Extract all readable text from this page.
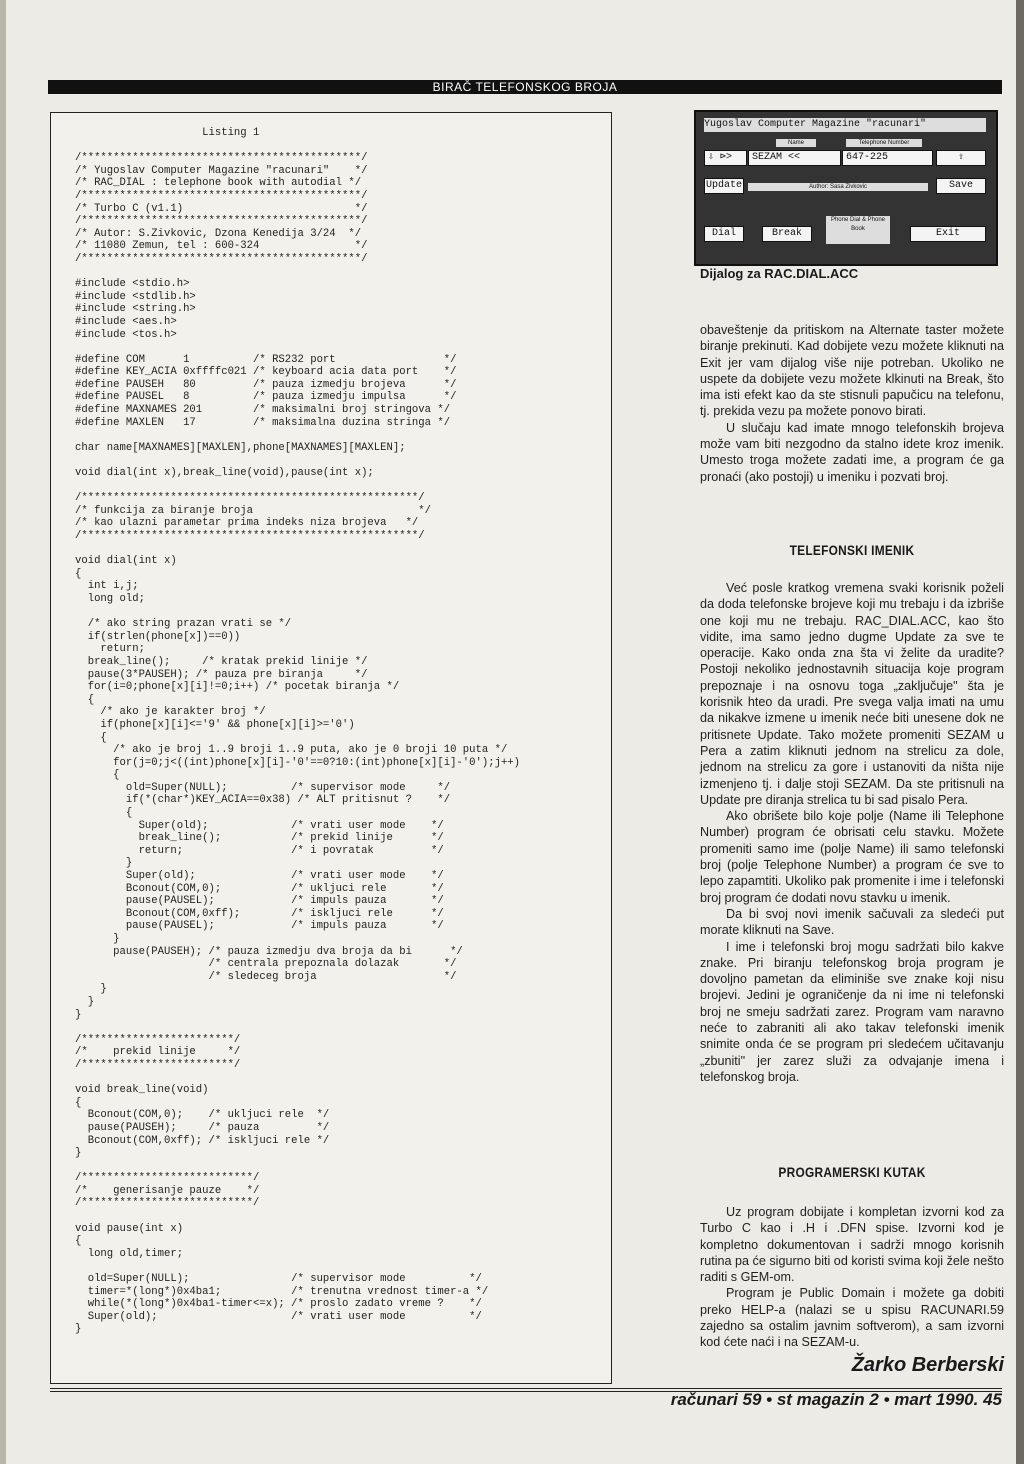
BIRAČ TELEFONSKOG BROJA
Listing 1
/********************************************/
/* Yugoslav Computer Magazine "racunari"    */
/* RAC_DIAL : telephone book with autodial */
/********************************************/
/* Turbo C (v1.1)                           */
/********************************************/
/* Autor: S.Zivkovic, Dzona Kenedija 3/24  */
/* 11080 Zemun, tel : 600-324               */
/********************************************/
#include <stdio.h>
#include <stdlib.h>
#include <string.h>
#include <aes.h>
#include <tos.h>
#define COM      1          /* RS232 port                 */
#define KEY_ACIA 0xffffc021 /* keyboard acia data port    */
#define PAUSEH   80         /* pauza izmedju brojeva      */
#define PAUSEL   8          /* pauza izmedju impulsa      */
#define MAXNAMES 201        /* maksimalni broj stringova */
#define MAXLEN   17         /* maksimalna duzina stringa */
char name[MAXNAMES][MAXLEN],phone[MAXNAMES][MAXLEN];
void dial(int x),break_line(void),pause(int x);
/*****************************************************/
/* funkcija za biranje broja                          */
/* kao ulazni parametar prima indeks niza brojeva   */
/*****************************************************/
void dial(int x)
{
int i,j;
long old;
/* ako string prazan vrati se */
if(strlen(phone[x])==0))
return;
break_line();     /* kratak prekid linije */
pause(3*PAUSEH); /* pauza pre biranja     */
for(i=0;phone[x][i]!=0;i++) /* pocetak biranja */
{
/* ako je karakter broj */
if(phone[x][i]<='9' && phone[x][i]>='0')
{
/* ako je broj 1..9 broji 1..9 puta, ako je 0 broji 10 puta */
for(j=0;j<((int)phone[x][i]-'0'==0?10:(int)phone[x][i]-'0');j++)
{
old=Super(NULL);          /* supervisor mode     */
if(*(char*)KEY_ACIA==0x38) /* ALT pritisnut ?    */
{
Super(old);             /* vrati user mode    */
break_line();           /* prekid linije      */
return;                 /* i povratak         */
}
Super(old);               /* vrati user mode    */
Bconout(COM,0);           /* ukljuci rele       */
pause(PAUSEL);            /* impuls pauza       */
Bconout(COM,0xff);        /* iskljuci rele      */
pause(PAUSEL);            /* impuls pauza       */
}
pause(PAUSEH); /* pauza izmedju dva broja da bi      */
/* centrala prepoznala dolazak       */
/* sledeceg broja                    */
}
}
}
/************************/
/*    prekid linije     */
/************************/
void break_line(void)
{
Bconout(COM,0);    /* ukljuci rele  */
pause(PAUSEH);     /* pauza         */
Bconout(COM,0xff); /* iskljuci rele */
}
/***************************/
/*    generisanje pauze    */
/***************************/
void pause(int x)
{
long old,timer;
old=Super(NULL);                /* supervisor mode          */
timer=*(long*)0x4ba1;           /* trenutna vrednost timer-a */
while(*(long*)0x4ba1-timer<=x); /* proslo zadato vreme ?    */
Super(old);                     /* vrati user mode          */
}
Yugoslav Computer Magazine "racunari"
Name	Telephone Number
⇩ ⊳>	SEZAM <<	647-225	⇧
Update	Author: Sasa Zivkovic	Save
Dial	Break
Phone Dial & Phone Book	Exit
Dijalog za RAC.DIAL.ACC

obaveštenje da pritiskom na Alternate taster možete biranje prekinuti. Kad dobijete vezu možete kliknuti na Exit jer vam dijalog više nije potreban. Ukoliko ne uspete da dobijete vezu možete klkinuti na Break, što ima isti efekt kao da ste stisnuli papučicu na telefonu, tj. prekida vezu pa možete ponovo birati.

U slučaju kad imate mnogo telefonskih brojeva može vam biti nezgodno da stalno idete kroz imenik. Umesto troga možete zadati ime, a program će ga pronaći (ako postoji) u imeniku i pozvati broj.

TELEFONSKI IMENIK

Već posle kratkog vremena svaki korisnik poželi da doda telefonske brojeve koji mu trebaju i da izbriše one koji mu ne trebaju. RAC_DIAL.ACC, kao što vidite, ima samo jedno dugme Update za sve te operacije. Kako onda zna šta vi želite da uradite? Postoji nekoliko jednostavnih situacija koje program prepoznaje i na osnovu toga „zaključuje" šta je korisnik hteo da uradi. Pre svega valja imati na umu da nikakve izmene u imenik neće biti unesene dok ne pritisnete Update. Tako možete promeniti SEZAM u Pera a zatim kliknuti jednom na strelicu za dole, jednom na strelicu za gore i ustanoviti da ništa nije izmenjeno tj. i dalje stoji SEZAM. Da ste pritisnuli na Update pre diranja strelica tu bi sad pisalo Pera.

Ako obrišete bilo koje polje (Name ili Telephone Number) program će obrisati celu stavku. Možete promeniti samo ime (polje Name) ili samo telefonski broj (polje Telephone Number) a program će sve to lepo zapamtiti. Ukoliko pak promenite i ime i telefonski broj program će dodati novu stavku u imenik.

Da bi svoj novi imenik sačuvali za sledeći put morate kliknuti na Save.

I ime i telefonski broj mogu sadržati bilo kakve znake. Pri biranju telefonskog broja program je dovoljno pametan da eliminiše sve znake koji nisu brojevi. Jedini je ograničenje da ni ime ni telefonski broj ne smeju sadržati zarez. Program vam naravno neće to zabraniti ali ako takav telefonski imenik snimite onda će se program pri sledećem učitavanju „zbuniti" jer zarez služi za odvajanje imena i telefonskog broja.

PROGRAMERSKI KUTAK

Uz program dobijate i kompletan izvorni kod za Turbo C kao i .H i .DFN spise. Izvorni kod je kompletno dokumentovan i sadrži mnogo korisnih rutina pa će sigurno biti od koristi svima koji žele nešto raditi s GEM-om.

Program je Public Domain i možete ga dobiti preko HELP-a (nalazi se u spisu RACUNARI.59 zajedno sa ostalim javnim softverom), a sam izvorni kod ćete naći i na SEZAM-u.

Žarko Berberski
računari 59 • st magazin 2 • mart 1990. 45
